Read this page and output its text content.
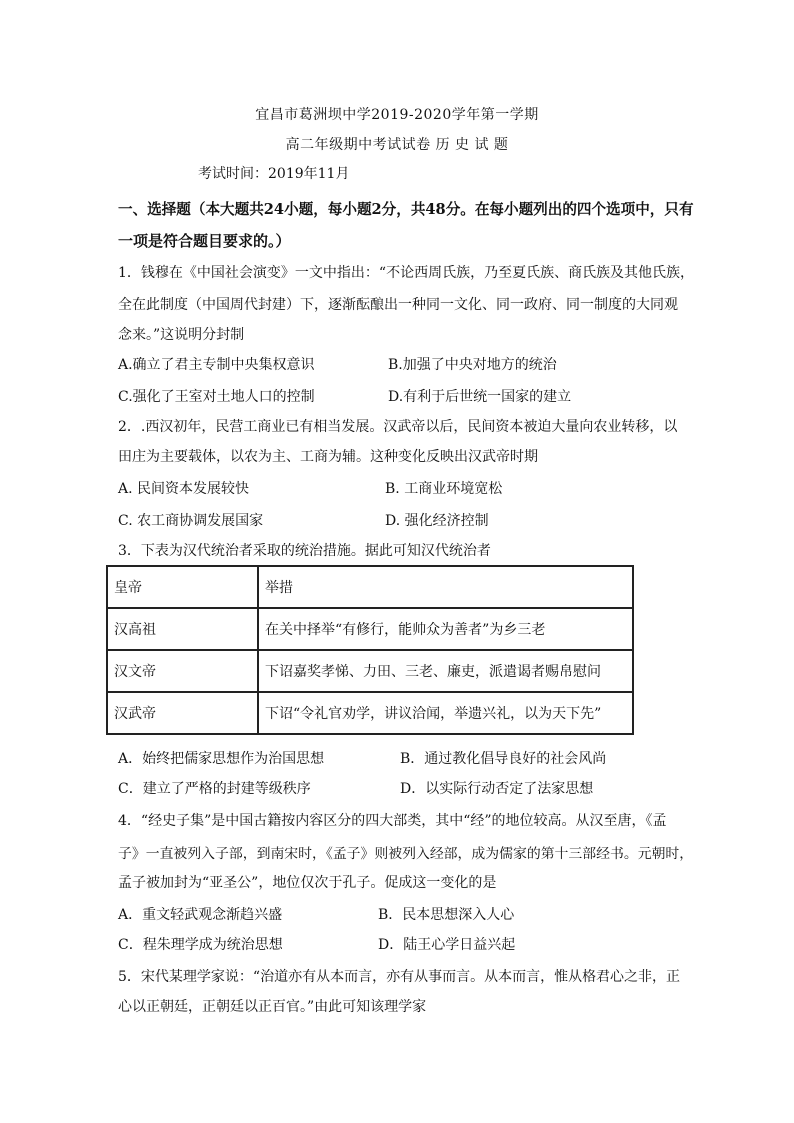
宜昌市葛洲坝中学2019-2020学年第一学期
高二年级期中考试试卷 历 史 试 题
考试时间：2019年11月
一、选择题（本大题共24小题，每小题2分，共48分。在每小题列出的四个选项中，只有
一项是符合题目要求的。）
1．钱穆在《中国社会演变》一文中指出：“不论西周氏族，乃至夏氏族、商氏族及其他氏族，
全在此制度（中国周代封建）下，逐渐酝酿出一种同一文化、同一政府、同一制度的大同观
念来。”这说明分封制
A.确立了君主专制中央集权意识	B.加强了中央对地方的统治
C.强化了王室对土地人口的控制	D.有利于后世统一国家的建立
2．.西汉初年，民营工商业已有相当发展。汉武帝以后，民间资本被迫大量向农业转移，以
田庄为主要载体，以农为主、工商为辅。这种变化反映出汉武帝时期
A. 民间资本发展较快	B. 工商业环境宽松
C. 农工商协调发展国家	D. 强化经济控制
3．下表为汉代统治者采取的统治措施。据此可知汉代统治者
皇帝	举措
汉高祖	在关中择举“有修行，能帅众为善者”为乡三老
汉文帝	下诏嘉奖孝悌、力田、三老、廉吏，派遣谒者赐帛慰问
汉武帝	下诏“令礼官劝学，讲议洽闻，举遗兴礼，以为天下先”
A．始终把儒家思想作为治国思想	B．通过教化倡导良好的社会风尚
C．建立了严格的封建等级秩序	D．以实际行动否定了法家思想
4．“经史子集”是中国古籍按内容区分的四大部类，其中“经”的地位较高。从汉至唐，《孟
子》一直被列入子部，到南宋时，《孟子》则被列入经部，成为儒家的第十三部经书。元朝时，
孟子被加封为“亚圣公”，地位仅次于孔子。促成这一变化的是
A．重文轻武观念渐趋兴盛	B．民本思想深入人心
C．程朱理学成为统治思想	D．陆王心学日益兴起
5．宋代某理学家说：“治道亦有从本而言，亦有从事而言。从本而言，惟从格君心之非，正
心以正朝廷，正朝廷以正百官。”由此可知该理学家
